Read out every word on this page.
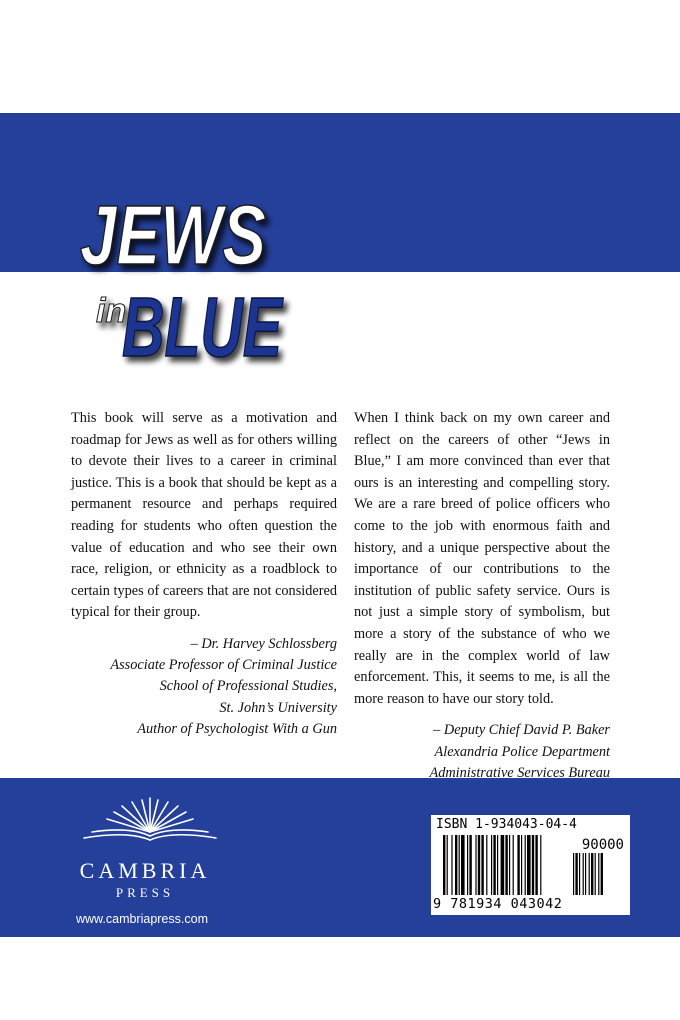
JEWS
in
BLUE
This book will serve as a motivation and roadmap for Jews as well as for others willing to devote their lives to a career in criminal justice. This is a book that should be kept as a permanent resource and perhaps required reading for students who often question the value of education and who see their own race, religion, or ethnicity as a roadblock to certain types of careers that are not considered typical for their group.
– Dr. Harvey Schlossberg
Associate Professor of Criminal Justice
School of Professional Studies,
St. John’s University
Author of Psychologist With a Gun
When I think back on my own career and reflect on the careers of other “Jews in Blue,” I am more convinced than ever that ours is an interesting and compelling story. We are a rare breed of police officers who come to the job with enormous faith and history, and a unique perspective about the importance of our contributions to the institution of public safety service. Ours is not just a simple story of symbolism, but more a story of the substance of who we really are in the complex world of law enforcement. This, it seems to me, is all the more reason to have our story told.
– Deputy Chief David P. Baker
Alexandria Police Department
Administrative Services Bureau
CAMBRIA
PRESS
www.cambriapress.com
ISBN 1-934043-04-4
90000
9 781934 043042
